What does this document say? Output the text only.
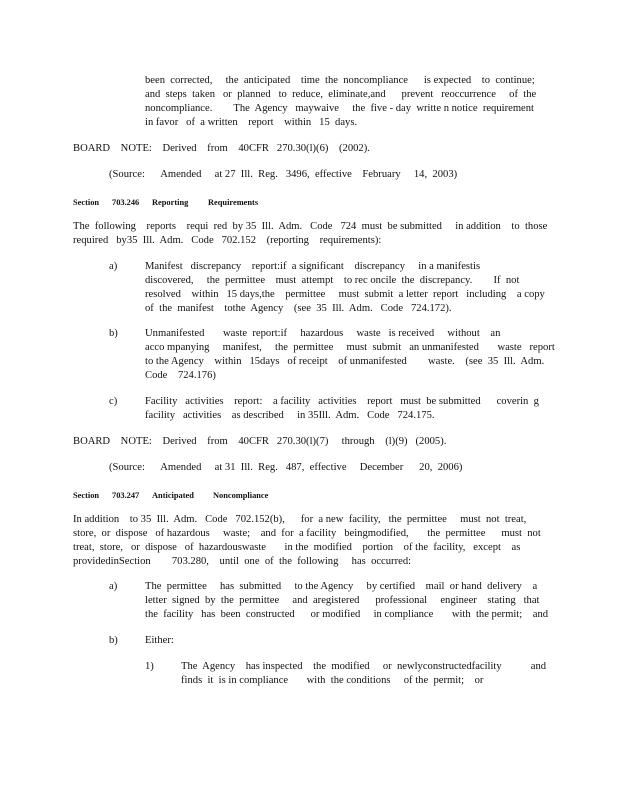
been  corrected,     the  anticipated    time  the  noncompliance      is expected    to  continue;
and  steps  taken   or  planned   to  reduce,  eliminate,and      prevent   reoccurrence     of  the
noncompliance.        The  Agency   maywaive     the  five - day  writte n notice  requirement
in favor   of  a written    report    within   15  days.
BOARD    NOTE:    Derived    from    40CFR   270.30(l)(6)    (2002).
(Source:      Amended     at 27  Ill.  Reg.   3496,  effective    February     14,  2003)
Section 703.246 Reporting Requirements
The  following    reports    requi  red  by 35  Ill.  Adm.   Code   724  must  be submitted     in addition    to  those
required   by35  Ill.  Adm.   Code   702.152    (reporting    requirements):
a)	Manifest   discrepancy    report:if  a significant    discrepancy     in a manifestis
discovered,     the  permittee    must  attempt    to rec oncile  the  discrepancy.        If  not
resolved    within   15 days,the    permittee     must  submit  a letter  report   including    a copy
of  the  manifest    tothe  Agency    (see  35  Ill.  Adm.   Code   724.172).
b)	Unmanifested       waste  report:if     hazardous     waste   is received     without    an
acco mpanying     manifest,     the  permittee     must  submit   an unmanifested       waste   report
to the Agency    within   15days   of receipt    of unmanifested        waste.    (see  35  Ill.  Adm.
Code    724.176)
c)	Facility   activities    report:    a facility   activities    report   must  be submitted      coverin  g
facility   activities    as described     in 35Ill.  Adm.   Code   724.175.
BOARD    NOTE:    Derived    from    40CFR   270.30(l)(7)     through    (l)(9)   (2005).
(Source:      Amended     at 31  Ill.  Reg.   487,  effective     December      20,  2006)
Section 703.247 Anticipated Noncompliance
In addition    to 35  Ill.  Adm.   Code   702.152(b),      for  a new  facility,   the  permittee     must  not  treat,
store,  or  dispose   of hazardous     waste;    and  for  a facility   beingmodified,       the  permittee      must  not
treat,  store,   or  dispose   of  hazardouswaste       in the  modified    portion    of the  facility,   except    as
providedinSection        703.280,    until  one  of  the  following     has  occurred:
a)	The  permittee     has  submitted     to the Agency     by certified    mail  or hand  delivery    a
letter  signed  by  the  permittee     and  aregistered      professional     engineer    stating   that
the  facility   has  been  constructed      or modified     in compliance       with  the permit;    and
b)	Either:
1)	The  Agency    has inspected    the  modified     or  newlyconstructedfacility           and
finds  it  is in compliance       with  the conditions     of the  permit;    or
